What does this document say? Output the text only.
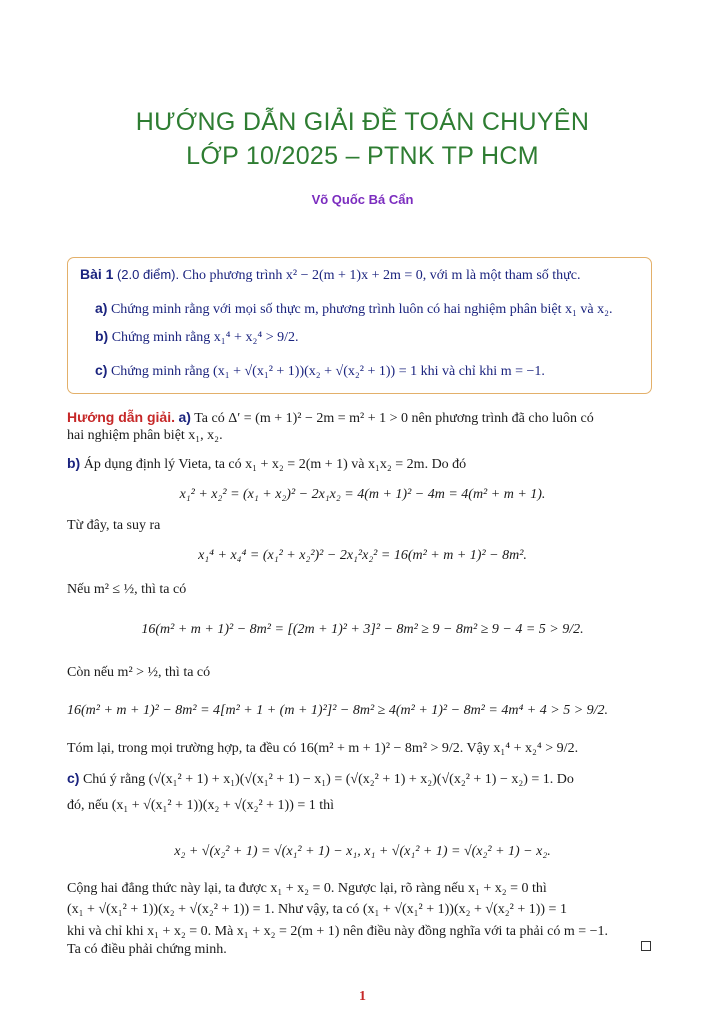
HƯỚNG DẪN GIẢI ĐỀ TOÁN CHUYÊN
LỚP 10/2025 – PTNK TP HCM
Võ Quốc Bá Cẩn
Bài 1 (2.0 điểm). Cho phương trình x² − 2(m + 1)x + 2m = 0, với m là một tham số thực.
a) Chứng minh rằng với mọi số thực m, phương trình luôn có hai nghiệm phân biệt x₁ và x₂.
b) Chứng minh rằng x₁⁴ + x₂⁴ > 9/2.
c) Chứng minh rằng (x₁ + √(x₁² + 1))(x₂ + √(x₂² + 1)) = 1 khi và chỉ khi m = −1.
Hướng dẫn giải. a) Ta có Δ′ = (m + 1)² − 2m = m² + 1 > 0 nên phương trình đã cho luôn có
hai nghiệm phân biệt x₁, x₂.
b) Áp dụng định lý Vieta, ta có x₁ + x₂ = 2(m + 1) và x₁x₂ = 2m. Do đó
x₁² + x₂² = (x₁ + x₂)² − 2x₁x₂ = 4(m + 1)² − 4m = 4(m² + m + 1).
Từ đây, ta suy ra
x₁⁴ + x₄⁴ = (x₁² + x₂²)² − 2x₁²x₂² = 16(m² + m + 1)² − 8m².
Nếu m² ≤ ½, thì ta có
16(m² + m + 1)² − 8m² = [(2m + 1)² + 3]² − 8m² ≥ 9 − 8m² ≥ 9 − 4 = 5 > 9/2.
Còn nếu m² > ½, thì ta có
16(m² + m + 1)² − 8m² = 4[m² + 1 + (m + 1)²]² − 8m² ≥ 4(m² + 1)² − 8m² = 4m⁴ + 4 > 5 > 9/2.
Tóm lại, trong mọi trường hợp, ta đều có 16(m² + m + 1)² − 8m² > 9/2. Vậy x₁⁴ + x₂⁴ > 9/2.
c) Chú ý rằng (√(x₁² + 1) + x₁)(√(x₁² + 1) − x₁) = (√(x₂² + 1) + x₂)(√(x₂² + 1) − x₂) = 1. Do
đó, nếu (x₁ + √(x₁² + 1))(x₂ + √(x₂² + 1)) = 1 thì
x₂ + √(x₂² + 1) = √(x₁² + 1) − x₁, x₁ + √(x₁² + 1) = √(x₂² + 1) − x₂.
Cộng hai đẳng thức này lại, ta được x₁ + x₂ = 0. Ngược lại, rõ ràng nếu x₁ + x₂ = 0 thì
(x₁ + √(x₁² + 1))(x₂ + √(x₂² + 1)) = 1. Như vậy, ta có (x₁ + √(x₁² + 1))(x₂ + √(x₂² + 1)) = 1
khi và chỉ khi x₁ + x₂ = 0. Mà x₁ + x₂ = 2(m + 1) nên điều này đồng nghĩa với ta phải có m = −1.
Ta có điều phải chứng minh.
1
